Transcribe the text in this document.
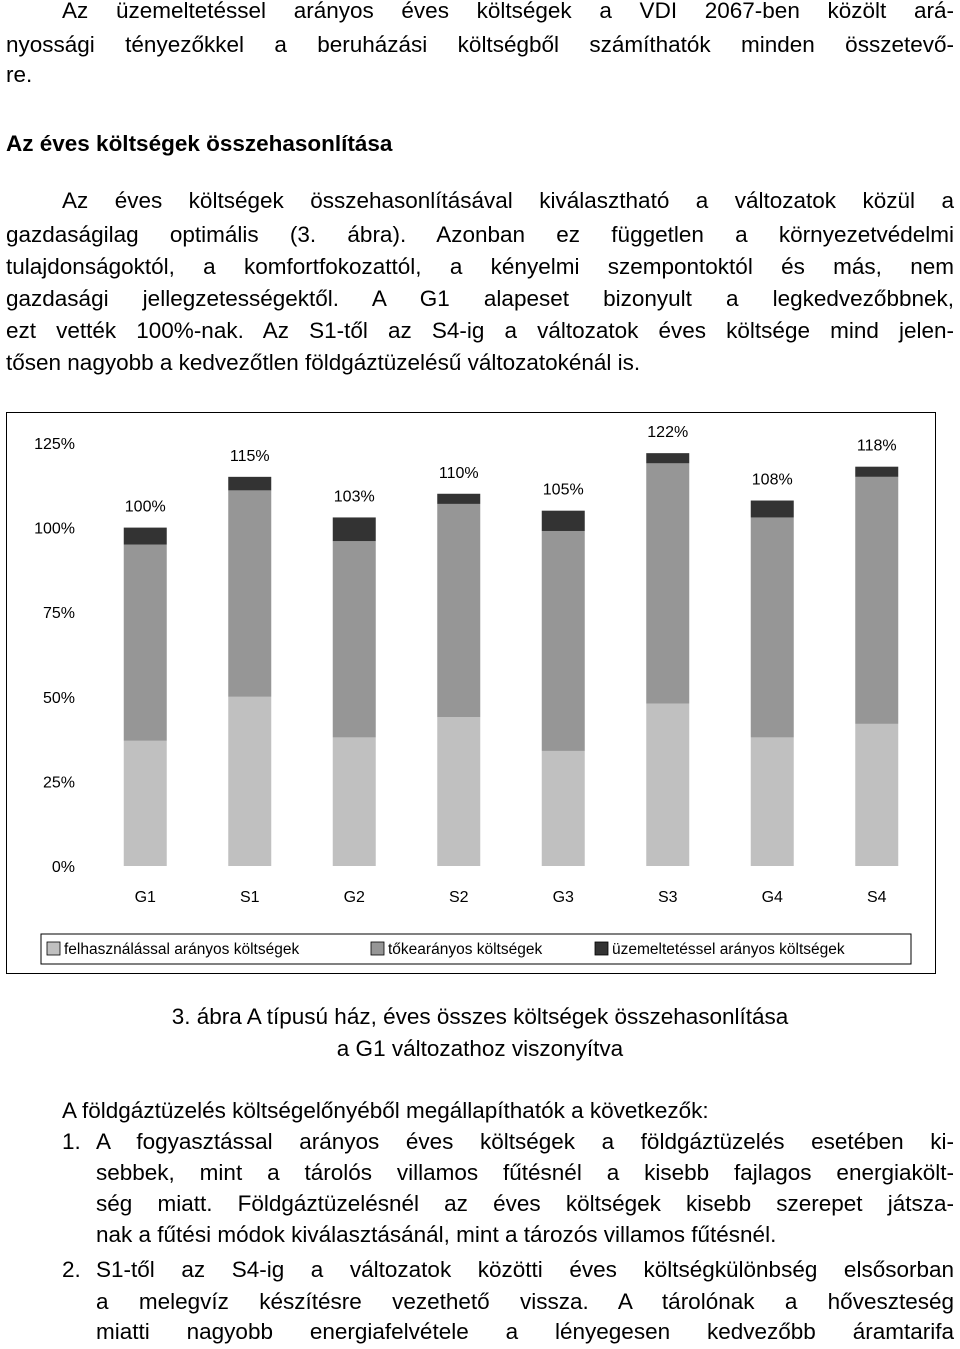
Az üzemeltetéssel arányos éves költségek a VDI 2067-ben közölt ará-
nyossági tényezőkkel a beruházási költségből számíthatók minden összetevő-
re.
Az éves költségek összehasonlítása
Az éves költségek összehasonlításával kiválasztható a változatok közül a
gazdaságilag optimális (3. ábra). Azonban ez független a környezetvédelmi
tulajdonságoktól, a komfortfokozattól, a kényelmi szempontoktól és más, nem
gazdasági jellegzetességektől. A G1 alapeset bizonyult a legkedvezőbbnek,
ezt vették 100%-nak. Az S1-től az S4-ig a változatok éves költsége mind jelen-
tősen nagyobb a kedvezőtlen földgáztüzelésű változatokénál is.
0%
25%
50%
75%
100%
125%
100%
G1
115%
S1
103%
G2
110%
S2
105%
G3
122%
S3
108%
G4
118%
S4
felhasználással arányos költségek	tőkearányos költségek	üzemeltetéssel arányos költségek
3. ábra A típusú ház, éves összes költségek összehasonlítása
a G1 változathoz viszonyítva
A földgáztüzelés költségelőnyéből megállapíthatók a következők:
1. A fogyasztással arányos éves költségek a földgáztüzelés esetében ki-
sebbek, mint a tárolós villamos fűtésnél a kisebb fajlagos energiakölt-
ség miatt. Földgáztüzelésnél az éves költségek kisebb szerepet játsza-
nak a fűtési módok kiválasztásánál, mint a tározós villamos fűtésnél.
2. S1-től az S4-ig a változatok közötti éves költségkülönbség elsősorban
a melegvíz készítésre vezethető vissza. A tárolónak a hőveszteség
miatti nagyobb energiafelvétele a lényegesen kedvezőbb áramtarifa
